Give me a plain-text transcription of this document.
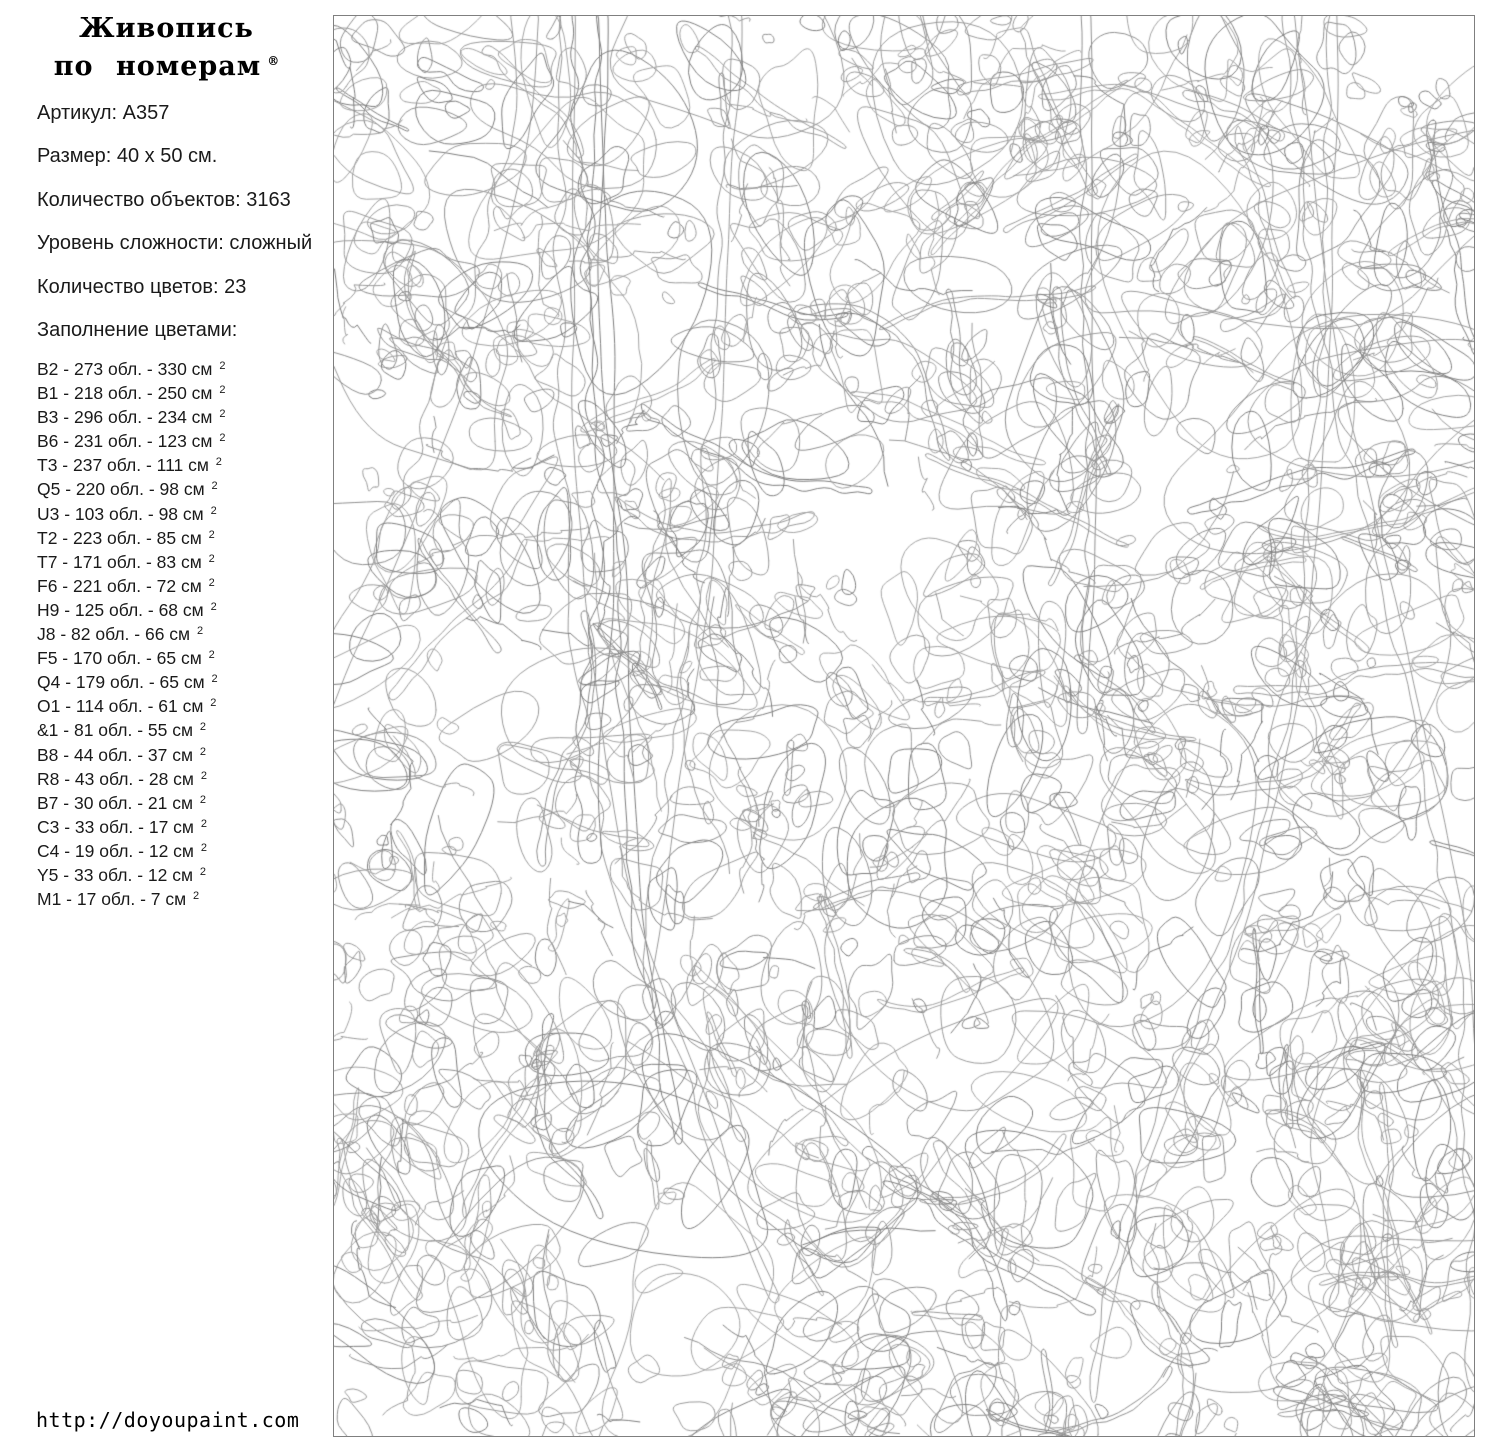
Живопись
по номерам ®

Артикул: A357

Размер: 40 x 50 см.

Количество объектов: 3163

Уровень сложности: сложный

Количество цветов: 23

Заполнение цветами:

B2 - 273 обл. - 330 см $^2$
B1 - 218 обл. - 250 см $^2$
B3 - 296 обл. - 234 см $^2$
B6 - 231 обл. - 123 см $^2$
T3 - 237 обл. - 111 см $^2$
Q5 - 220 обл. - 98 см $^2$
U3 - 103 обл. - 98 см $^2$
T2 - 223 обл. - 85 см $^2$
T7 - 171 обл. - 83 см $^2$
F6 - 221 обл. - 72 см $^2$
H9 - 125 обл. - 68 см $^2$
J8 - 82 обл. - 66 см $^2$
F5 - 170 обл. - 65 см $^2$
Q4 - 179 обл. - 65 см $^2$
O1 - 114 обл. - 61 см $^2$
&1 - 81 обл. - 55 см $^2$
B8 - 44 обл. - 37 см $^2$
R8 - 43 обл. - 28 см $^2$
B7 - 30 обл. - 21 см $^2$
C3 - 33 обл. - 17 см $^2$
C4 - 19 обл. - 12 см $^2$
Y5 - 33 обл. - 12 см $^2$
M1 - 17 обл. - 7 см $^2$
http://doyoupaint.com
